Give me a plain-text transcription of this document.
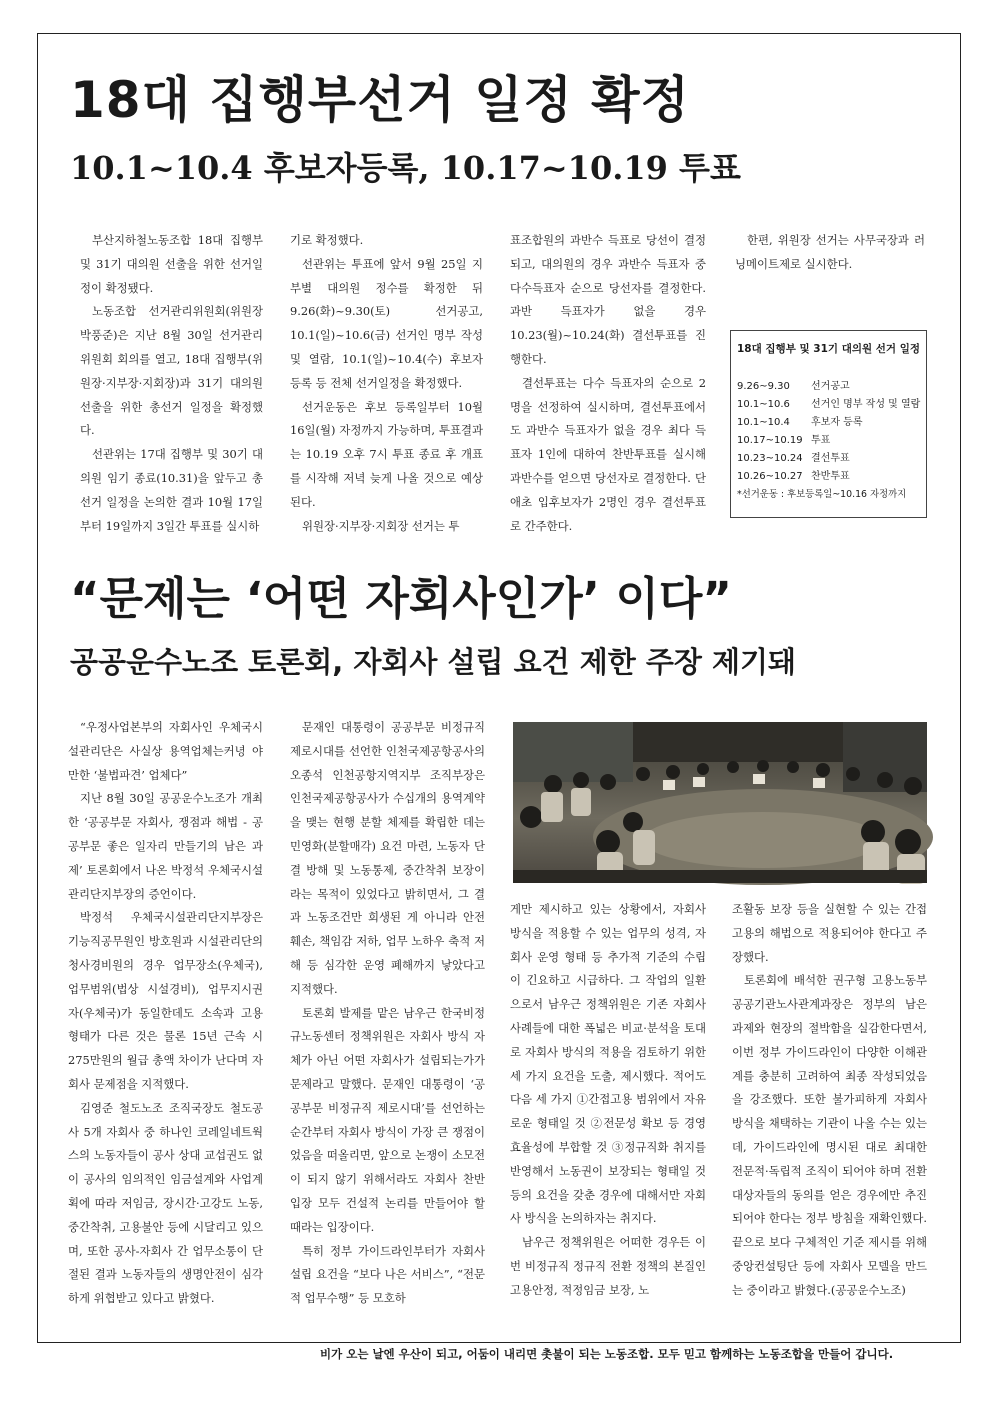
18대 집행부선거 일정 확정
10.1~10.4 후보자등록, 10.17~10.19 투표

부산지하철노동조합 18대 집행부 및 31기 대의원 선출을 위한 선거일정이 확정됐다.

노동조합 선거관리위원회(위원장 박풍준)은 지난 8월 30일 선거관리위원회 회의를 열고, 18대 집행부(위원장·지부장·지회장)과 31기 대의원 선출을 위한 총선거 일정을 확정했다.

선관위는 17대 집행부 및 30기 대의원 임기 종료(10.31)을 앞두고 총선거 일정을 논의한 결과 10월 17일부터 19일까지 3일간 투표를 실시하

기로 확정했다.

선관위는 투표에 앞서 9월 25일 지부별 대의원 정수를 확정한 뒤 9.26(화)~9.30(토) 선거공고, 10.1(일)~10.6(금) 선거인 명부 작성 및 열람, 10.1(일)~10.4(수) 후보자 등록 등 전체 선거일정을 확정했다.

선거운동은 후보 등록일부터 10월 16일(월) 자정까지 가능하며, 투표결과는 10.19 오후 7시 투표 종료 후 개표를 시작해 저녁 늦게 나올 것으로 예상된다.

위원장·지부장·지회장 선거는 투

표조합원의 과반수 득표로 당선이 결정되고, 대의원의 경우 과반수 득표자 중 다수득표자 순으로 당선자를 결정한다. 과반 득표자가 없을 경우 10.23(월)~10.24(화) 결선투표를 진행한다.

결선투표는 다수 득표자의 순으로 2명을 선정하여 실시하며, 결선투표에서도 과반수 득표자가 없을 경우 최다 득표자 1인에 대하여 찬반투표를 실시해 과반수를 얻으면 당선자로 결정한다. 단 애초 입후보자가 2명인 경우 결선투표로 간주한다.

한편, 위원장 선거는 사무국장과 러닝메이트제로 실시한다.

18대 집행부 및 31기 대의원 선거 일정
9.26~9.30	선거공고
10.1~10.6	선거인 명부 작성 및 열람
10.1~10.4	후보자 등록
10.17~10.19 투표
10.23~10.24 결선투표
10.26~10.27 찬반투표
*선거운동 : 후보등록일~10.16 자정까지
“문제는 ‘어떤 자회사인가’ 이다”
공공운수노조 토론회, 자회사 설립 요건 제한 주장 제기돼

“우정사업본부의 자회사인 우체국시설관리단은 사실상 용역업체는커녕 야만한 ‘불법파견’ 업체다”

지난 8월 30일 공공운수노조가 개최한 ‘공공부문 자회사, 쟁점과 해법 - 공공부문 좋은 일자리 만들기의 남은 과제’ 토론회에서 나온 박정석 우체국시설관리단지부장의 증언이다.

박정석 우체국시설관리단지부장은 기능직공무원인 방호원과 시설관리단의 청사경비원의 경우 업무장소(우체국), 업무범위(법상 시설경비), 업무지시권자(우체국)가 동일한데도 소속과 고용형태가 다른 것은 물론 15년 근속 시 275만원의 월급 총액 차이가 난다며 자회사 문제점을 지적했다.

김영준 철도노조 조직국장도 철도공사 5개 자회사 중 하나인 코레일네트웍스의 노동자들이 공사 상대 교섭권도 없이 공사의 임의적인 임금설계와 사업계획에 따라 저임금, 장시간·고강도 노동, 중간착취, 고용불안 등에 시달리고 있으며, 또한 공사-자회사 간 업무소통이 단절된 결과 노동자들의 생명안전이 심각하게 위협받고 있다고 밝혔다.

문재인 대통령이 공공부문 비정규직 제로시대를 선언한 인천국제공항공사의 오종석 인천공항지역지부 조직부장은 인천국제공항공사가 수십개의 용역계약을 맺는 현행 분할 체제를 확립한 데는 민영화(분할매각) 요건 마련, 노동자 단결 방해 및 노동통제, 중간착취 보장이라는 목적이 있었다고 밝히면서, 그 결과 노동조건만 희생된 게 아니라 안전 훼손, 책임감 저하, 업무 노하우 축적 저해 등 심각한 운영 폐해까지 낳았다고 지적했다.

토론회 발제를 맡은 남우근 한국비정규노동센터 정책위원은 자회사 방식 자체가 아닌 어떤 자회사가 설립되는가가 문제라고 말했다. 문재인 대통령이 ‘공공부문 비정규직 제로시대’를 선언하는 순간부터 자회사 방식이 가장 큰 쟁점이었음을 떠올리면, 앞으로 논쟁이 소모전이 되지 않기 위해서라도 자회사 찬반 입장 모두 건설적 논리를 만들어야 할 때라는 입장이다.

특히 정부 가이드라인부터가 자회사 설립 요건을 “보다 나은 서비스”, “전문적 업무수행” 등 모호하

게만 제시하고 있는 상황에서, 자회사 방식을 적용할 수 있는 업무의 성격, 자회사 운영 형태 등 추가적 기준의 수립이 긴요하고 시급하다. 그 작업의 일환으로서 남우근 정책위원은 기존 자회사 사례들에 대한 폭넓은 비교·분석을 토대로 자회사 방식의 적용을 검토하기 위한 세 가지 요건을 도출, 제시했다. 적어도 다음 세 가지 ①간접고용 범위에서 자유로운 형태일 것 ②전문성 확보 등 경영효율성에 부합할 것 ③정규직화 취지를 반영해서 노동권이 보장되는 형태일 것 등의 요건을 갖춘 경우에 대해서만 자회사 방식을 논의하자는 취지다.

남우근 정책위원은 어떠한 경우든 이번 비정규직 정규직 전환 정책의 본질인 고용안정, 적정임금 보장, 노

조활동 보장 등을 실현할 수 있는 간접고용의 해법으로 적용되어야 한다고 주장했다.

토론회에 배석한 권구형 고용노동부 공공기관노사관계과장은 정부의 남은 과제와 현장의 절박함을 실감한다면서, 이번 정부 가이드라인이 다양한 이해관계를 충분히 고려하여 최종 작성되었음을 강조했다. 또한 불가피하게 자회사 방식을 채택하는 기관이 나올 수는 있는데, 가이드라인에 명시된 대로 최대한 전문적·독립적 조직이 되어야 하며 전환 대상자들의 동의를 얻은 경우에만 추진되어야 한다는 정부 방침을 재확인했다. 끝으로 보다 구체적인 기준 제시를 위해 중앙컨설팅단 등에 자회사 모델을 만드는 중이라고 밝혔다.(공공운수노조)

비가 오는 날엔 우산이 되고, 어둠이 내리면 촛불이 되는 노동조합. 모두 믿고 함께하는 노동조합을 만들어 갑니다.
